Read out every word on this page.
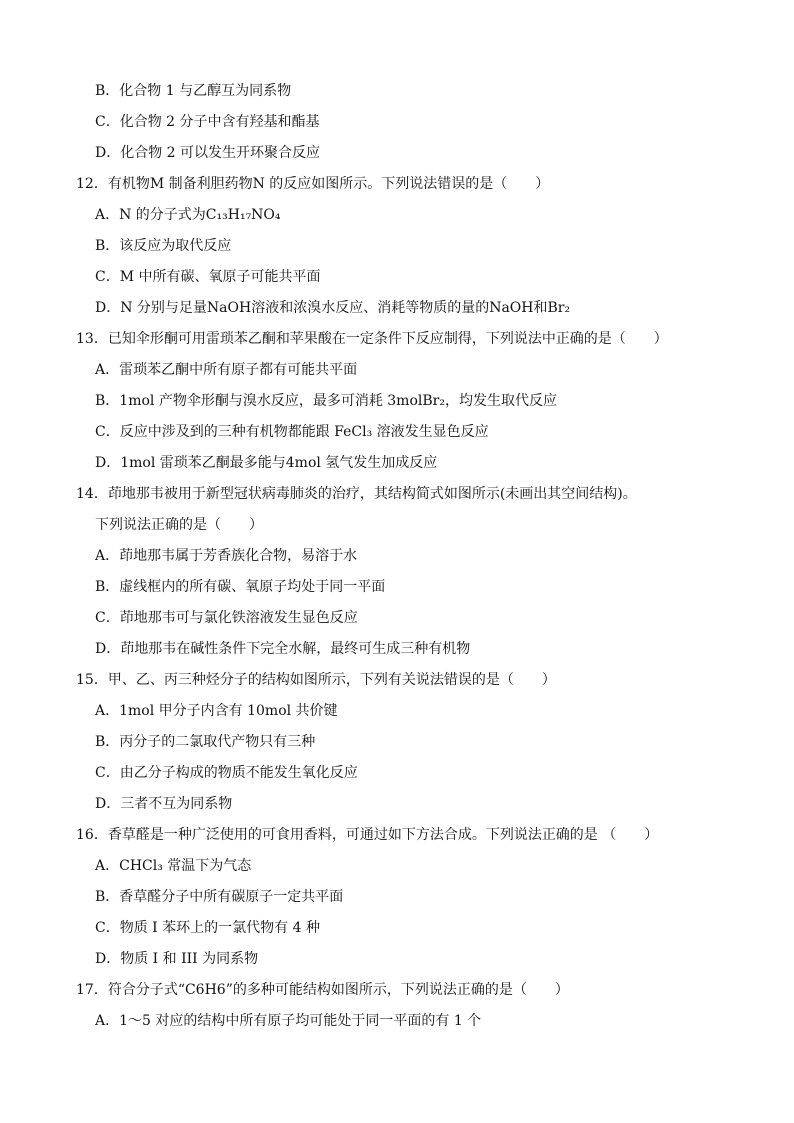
B．化合物 1 与乙醇互为同系物
C．化合物 2 分子中含有羟基和酯基
D．化合物 2 可以发生开环聚合反应
12．有机物M 制备利胆药物N 的反应如图所示。下列说法错误的是（　　）
A．N 的分子式为C₁₃H₁₇NO₄
B．该反应为取代反应
C．M 中所有碳、氧原子可能共平面
D．N 分别与足量NaOH溶液和浓溴水反应、消耗等物质的量的NaOH和Br₂
13．已知伞形酮可用雷琐苯乙酮和苹果酸在一定条件下反应制得，下列说法中正确的是（　　）
A．雷琐苯乙酮中所有原子都有可能共平面
B．1mol 产物伞形酮与溴水反应，最多可消耗 3molBr₂，均发生取代反应
C．反应中涉及到的三种有机物都能跟 FeCl₃ 溶液发生显色反应
D．1mol 雷琐苯乙酮最多能与4mol 氢气发生加成反应
14．茚地那韦被用于新型冠状病毒肺炎的治疗，其结构简式如图所示(未画出其空间结构)。
下列说法正确的是（　　）
A．茚地那韦属于芳香族化合物，易溶于水
B．虚线框内的所有碳、氧原子均处于同一平面
C．茚地那韦可与氯化铁溶液发生显色反应
D．茚地那韦在碱性条件下完全水解，最终可生成三种有机物
15．甲、乙、丙三种烃分子的结构如图所示，下列有关说法错误的是（　　）
A．1mol 甲分子内含有 10mol 共价键
B．丙分子的二氯取代产物只有三种
C．由乙分子构成的物质不能发生氧化反应
D．三者不互为同系物
16．香草醛是一种广泛使用的可食用香料，可通过如下方法合成。下列说法正确的是 （　　）
A．CHCl₃ 常温下为气态
B．香草醛分子中所有碳原子一定共平面
C．物质 I 苯环上的一氯代物有 4 种
D．物质 I 和 III 为同系物
17．符合分子式“C6H6”的多种可能结构如图所示，下列说法正确的是（　　）
A．1～5 对应的结构中所有原子均可能处于同一平面的有 1 个
